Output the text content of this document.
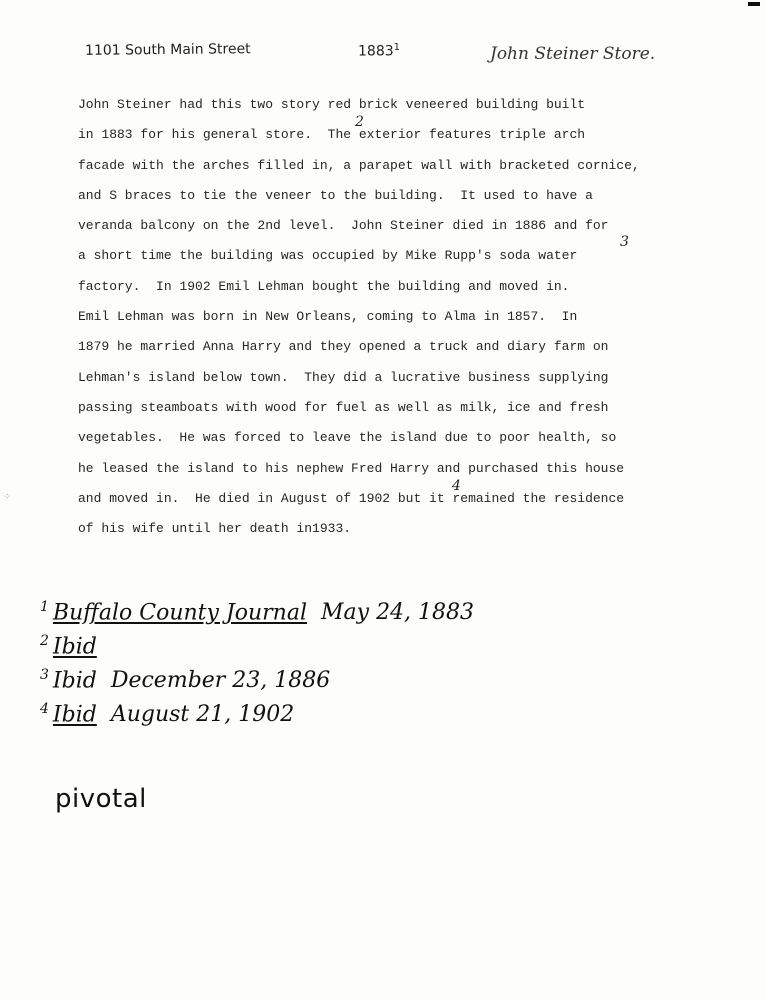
⁘
1101 South Main Street	1883$^1$	John Steiner Store.
John Steiner had this two story red brick veneered building built
in 1883 for his general store.  The exterior features triple arch
facade with the arches filled in, a parapet wall with bracketed cornice,
and S braces to tie the veneer to the building.  It used to have a
veranda balcony on the 2nd level.  John Steiner died in 1886 and for
a short time the building was occupied by Mike Rupp's soda water
factory.  In 1902 Emil Lehman bought the building and moved in.
Emil Lehman was born in New Orleans, coming to Alma in 1857.  In
1879 he married Anna Harry and they opened a truck and diary farm on
Lehman's island below town.  They did a lucrative business supplying
passing steamboats with wood for fuel as well as milk, ice and fresh
vegetables.  He was forced to leave the island due to poor health, so
he leased the island to his nephew Fred Harry and purchased this house
and moved in.  He died in August of 1902 but it remained the residence
of his wife until her death in1933.
2
3
4
$^1$ Buffalo County Journal May 24, 1883
$^2$ Ibid
$^3$ Ibid December 23, 1886
$^4$ Ibid August 21, 1902
pivotal
